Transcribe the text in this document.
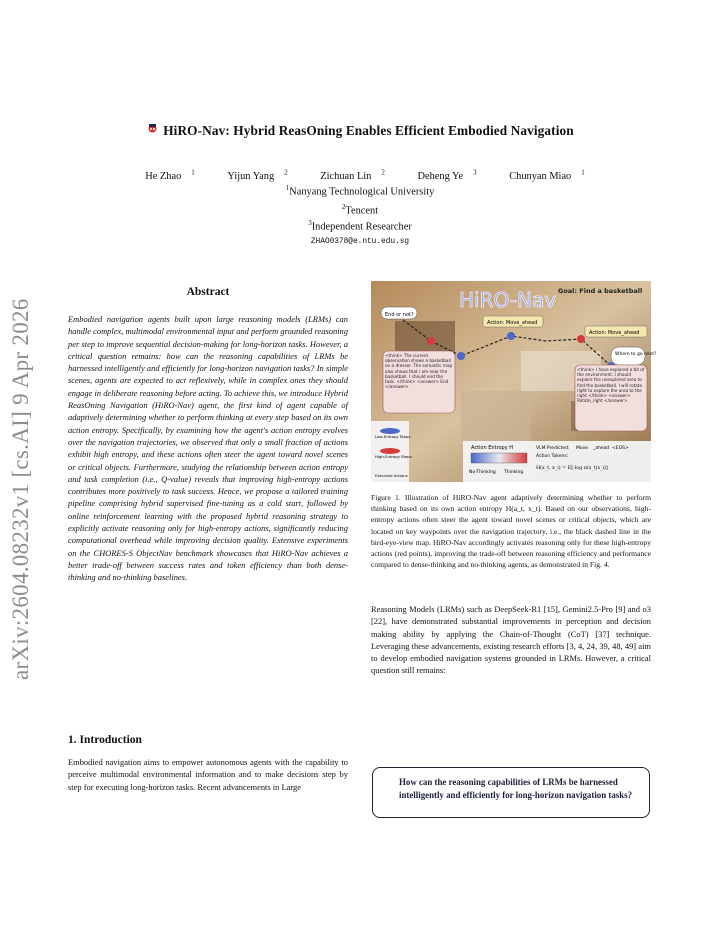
HiRO-Nav: Hybrid ReasOning Enables Efficient Embodied Navigation
He Zhao $^1$	Yijun Yang $^2$	Zichuan Lin $^2$	Deheng Ye $^3$	Chunyan Miao $^1$
$^1$Nanyang Technological University
$^2$Tencent
$^3$Independent Researcher
ZHAO0378@e.ntu.edu.sg
arXiv:2604.08232v1 [cs.AI] 9 Apr 2026
Abstract
Embodied navigation agents built upon large reasoning models (LRMs) can handle complex, multimodal environmental input and perform grounded reasoning per step to improve sequential decision-making for long-horizon tasks. However, a critical question remains: how can the reasoning capabilities of LRMs be harnessed intelligently and efficiently for long-horizon navigation tasks? In simple scenes, agents are expected to act reflexively, while in complex ones they should engage in deliberate reasoning before acting. To achieve this, we introduce Hybrid ReasOning Navigation (HiRO-Nav) agent, the first kind of agent capable of adaptively determining whether to perform thinking at every step based on its own action entropy. Specifically, by examining how the agent's action entropy evolves over the navigation trajectories, we observed that only a small fraction of actions exhibit high entropy, and these actions often steer the agent toward novel scenes or critical objects. Furthermore, studying the relationship between action entropy and task completion (i.e., Q-value) reveals that improving high-entropy actions contributes more positively to task success. Hence, we propose a tailored training pipeline comprising hybrid supervised fine-tuning as a cold start, followed by online reinforcement learning with the proposed hybrid reasoning strategy to explicitly activate reasoning only for high-entropy actions, significantly reducing computational overhead while improving decision quality. Extensive experiments on the CHORES-S ObjectNav benchmark showcases that HiRO-Nav achieves a better trade-off between success rates and token efficiency than both dense-thinking and no-thinking baselines.
1. Introduction
Embodied navigation aims to empower autonomous agents with the capability to perceive multimodal environmental information and to make decisions step by step for executing long-horizon tasks. Recent advancements in Large
HiRO-Nav Goal: Find a basketball
End or not?
Action: Move_ahead
Action: Move_ahead
Where to go next?
<think> The current observation shows a basketball on a dresser. The semantic map also shows that i am near the basketball. I should end the task. </think> <answer> End </answer>
<think> I have explored a bit of the environment. I should explore the unexplored area to find the basketball. I will rotate right to explore the area to the right </think> <answer> Rotate_right </answer>
Low-Entropy Steps
High-Entropy Steps
Executed Actions
Action Entropy H
No-Thinking Thinking
VLM Predicted: Move _ahead <EOS>
Action Tokens:
H(x_t, x_i) = E[-log π(x_t|x_i)]
Figure 1. Illustration of HiRO-Nav agent adaptively determining whether to perform thinking based on its own action entropy H(a_t, x_t). Based on our observations, high-entropy actions often steer the agent toward novel scenes or critical objects, which are located on key waypoints over the navigation trajectory, i.e., the black dashed line in the bird-eye-view map. HiRO-Nav accordingly activates reasoning only for these high-entropy actions (red points), improving the trade-off between reasoning efficiency and performance compared to dense-thinking and no-thinking agents, as demonstrated in Fig. 4.
Reasoning Models (LRMs) such as DeepSeek-R1 [15], Gemini2.5-Pro [9] and o3 [22], have demonstrated substantial improvements in perception and decision making ability by applying the Chain-of-Thought (CoT) [37] technique. Leveraging these advancements, existing research efforts [3, 4, 24, 39, 48, 49] aim to develop embodied navigation systems grounded in LRMs. However, a critical question still remains:
How can the reasoning capabilities of LRMs be harnessed intelligently and efficiently for long-horizon navigation tasks?
